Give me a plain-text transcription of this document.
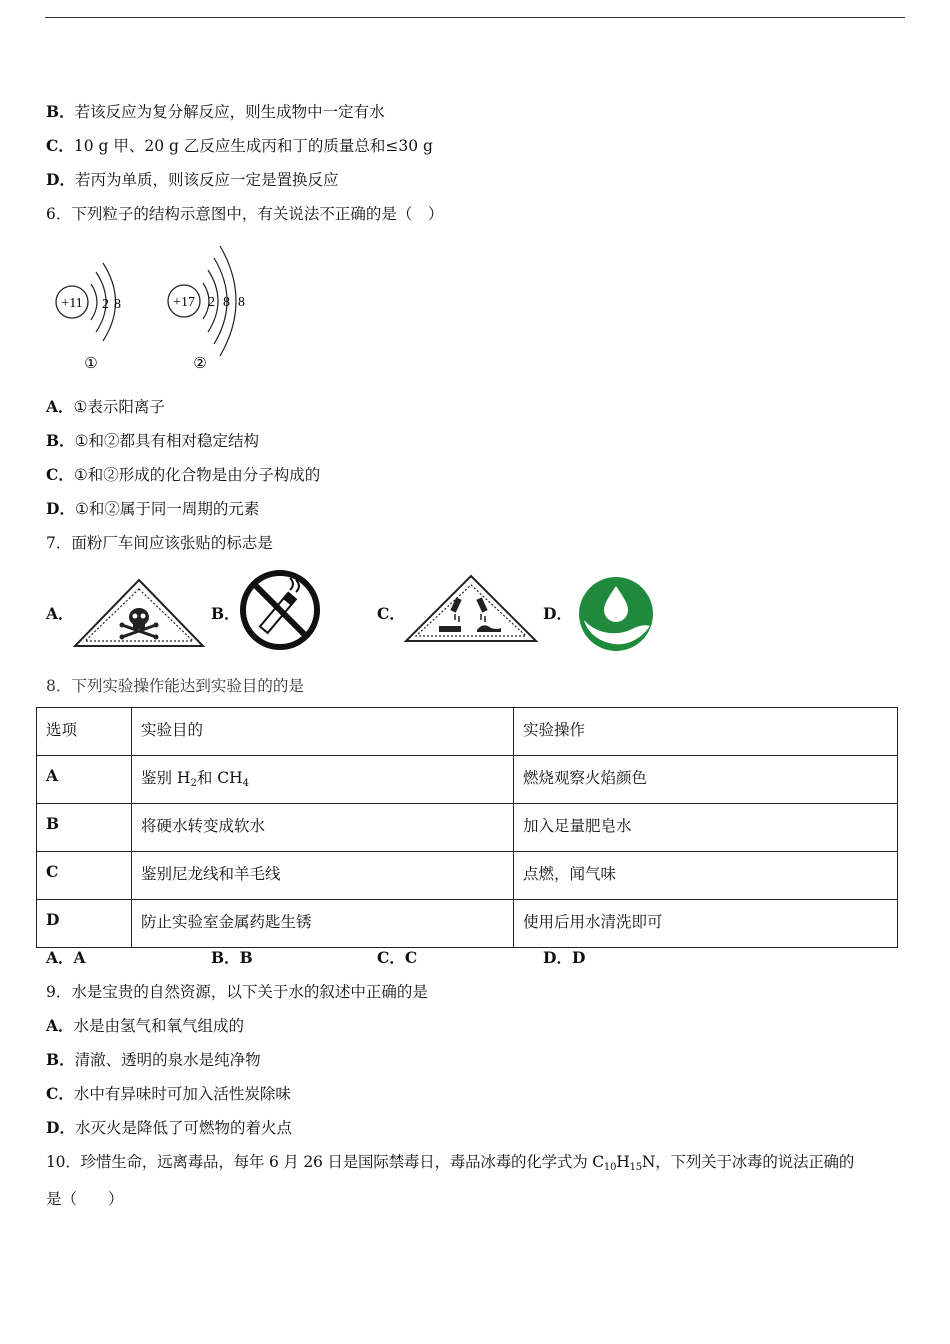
B．若该反应为复分解反应，则生成物中一定有水
C．10 g 甲、20 g 乙反应生成丙和丁的质量总和≤30 g
D．若丙为单质，则该反应一定是置换反应
6．下列粒子的结构示意图中，有关说法不正确的是（　）
+11 2 8
①
+17 2 8 8
②
A．①表示阳离子
B．①和②都具有相对稳定结构
C．①和②形成的化合物是由分子构成的
D．①和②属于同一周期的元素
7．面粉厂车间应该张贴的标志是
A．	B．	C．	D．
8．下列实验操作能达到实验目的的是
选项	实验目的	实验操作
A	鉴别 $H_2$和 $CH_4$	燃烧观察火焰颜色
B	将硬水转变成软水	加入足量肥皂水
C	鉴别尼龙线和羊毛线	点燃，闻气味
D	防止实验室金属药匙生锈	使用后用水清洗即可
A．A	B．B	C．C	D．D
9．水是宝贵的自然资源，以下关于水的叙述中正确的是
A．水是由氢气和氧气组成的
B．清澈、透明的泉水是纯净物
C．水中有异味时可加入活性炭除味
D．水灭火是降低了可燃物的着火点
10．珍惜生命，远离毒品，每年 6 月 26 日是国际禁毒日，毒品冰毒的化学式为 $C_{10}H_{15}N$，下列关于冰毒的说法正确的
是（　　）
